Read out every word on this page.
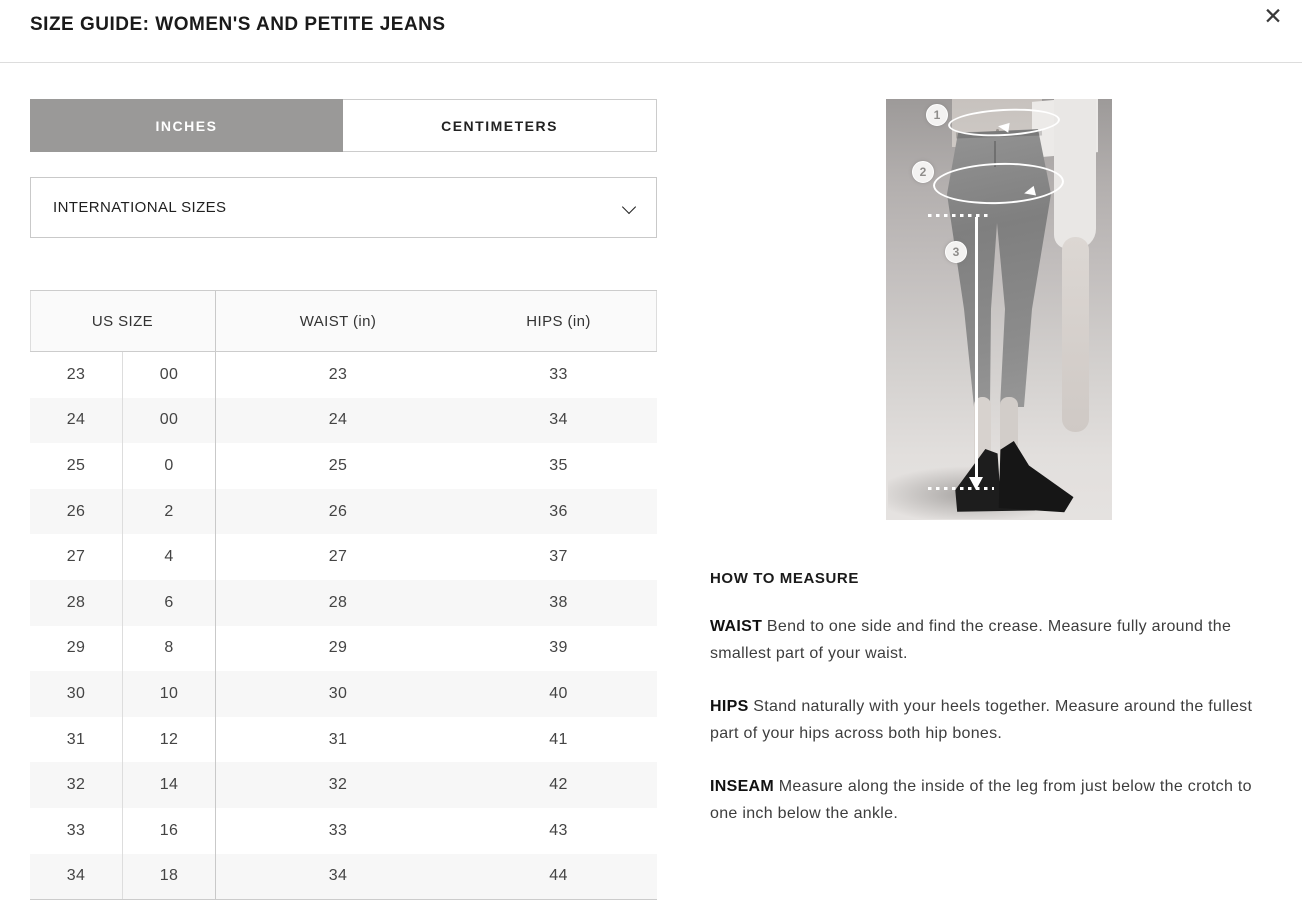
SIZE GUIDE: WOMEN'S AND PETITE JEANS	✕
INCHES	CENTIMETERS
INTERNATIONAL SIZES
US SIZE	WAIST (in)	HIPS (in)
23	00	23	33
24	00	24	34
25	0	25	35
26	2	26	36
27	4	27	37
28	6	28	38
29	8	29	39
30	10	30	40
31	12	31	41
32	14	32	42
33	16	33	43
34	18	34	44
1
2
3

HOW TO MEASURE

WAIST Bend to one side and find the crease. Measure fully around the smallest part of your waist.

HIPS Stand naturally with your heels together. Measure around the fullest part of your hips across both hip bones.

INSEAM Measure along the inside of the leg from just below the crotch to one inch below the ankle.
